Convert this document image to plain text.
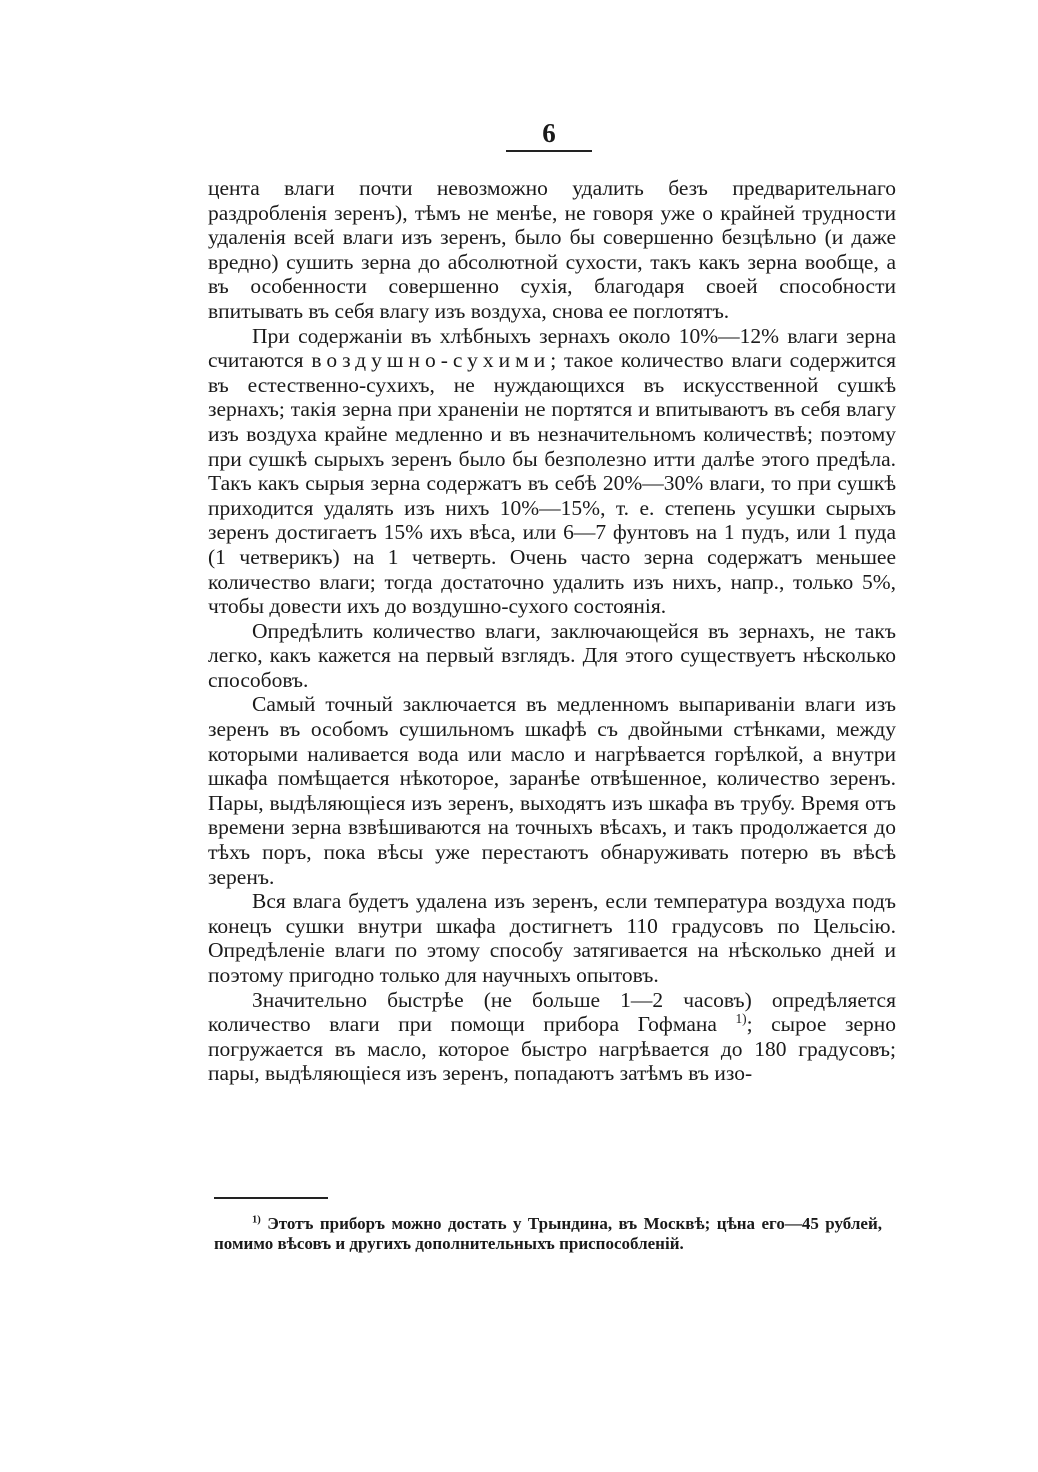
6

цента влаги почти невозможно удалить безъ предварительнаго раздробленія зеренъ), тѣмъ не менѣе, не говоря уже о крайней трудности удаленія всей влаги изъ зеренъ, было бы совершенно безцѣльно (и даже вредно) сушить зерна до абсолютной сухости, такъ какъ зерна вообще, а въ особенности совершенно сухія, благодаря своей способности впитывать въ себя влагу изъ воздуха, снова ее поглотятъ.

При содержаніи въ хлѣбныхъ зернахъ около 10%—12% влаги зерна считаются воздушно-сухими; такое количество влаги содержится въ естественно-сухихъ, не нуждающихся въ искусственной сушкѣ зернахъ; такія зерна при храненіи не портятся и впитываютъ въ себя влагу изъ воздуха крайне медленно и въ незначительномъ количествѣ; поэтому при сушкѣ сырыхъ зеренъ было бы безполезно итти далѣе этого предѣла. Такъ какъ сырыя зерна содержатъ въ себѣ 20%—30% влаги, то при сушкѣ приходится удалять изъ нихъ 10%—15%, т. е. степень усушки сырыхъ зеренъ достигаетъ 15% ихъ вѣса, или 6—7 фунтовъ на 1 пудъ, или 1 пуда (1 четверикъ) на 1 четверть. Очень часто зерна содержатъ меньшее количество влаги; тогда достаточно удалить изъ нихъ, напр., только 5%, чтобы довести ихъ до воздушно-сухого состоянія.

Опредѣлить количество влаги, заключающейся въ зернахъ, не такъ легко, какъ кажется на первый взглядъ. Для этого существуетъ нѣсколько способовъ.

Самый точный заключается въ медленномъ выпариваніи влаги изъ зеренъ въ особомъ сушильномъ шкафѣ съ двойными стѣнками, между которыми наливается вода или масло и нагрѣвается горѣлкой, а внутри шкафа помѣщается нѣкоторое, заранѣе отвѣшенное, количество зеренъ. Пары, выдѣляющіеся изъ зеренъ, выходятъ изъ шкафа въ трубу. Время отъ времени зерна взвѣшиваются на точныхъ вѣсахъ, и такъ продолжается до тѣхъ поръ, пока вѣсы уже перестаютъ обнаруживать потерю въ вѣсѣ зеренъ.

Вся влага будетъ удалена изъ зеренъ, если температура воздуха подъ конецъ сушки внутри шкафа достигнетъ 110 градусовъ по Цельсію. Опредѣленіе влаги по этому способу затягивается на нѣсколько дней и поэтому пригодно только для научныхъ опытовъ.

Значительно быстрѣе (не больше 1—2 часовъ) опредѣляется количество влаги при помощи прибора Гофмана $^{1)}$; сырое зерно погружается въ масло, которое быстро нагрѣвается до 180 градусовъ; пары, выдѣляющіеся изъ зеренъ, попадаютъ затѣмъ въ изо-

$^{1)}$ Этотъ приборъ можно достать у Трындина, въ Москвѣ; цѣна его—45 рублей, помимо вѣсовъ и другихъ дополнительныхъ приспособленій.
